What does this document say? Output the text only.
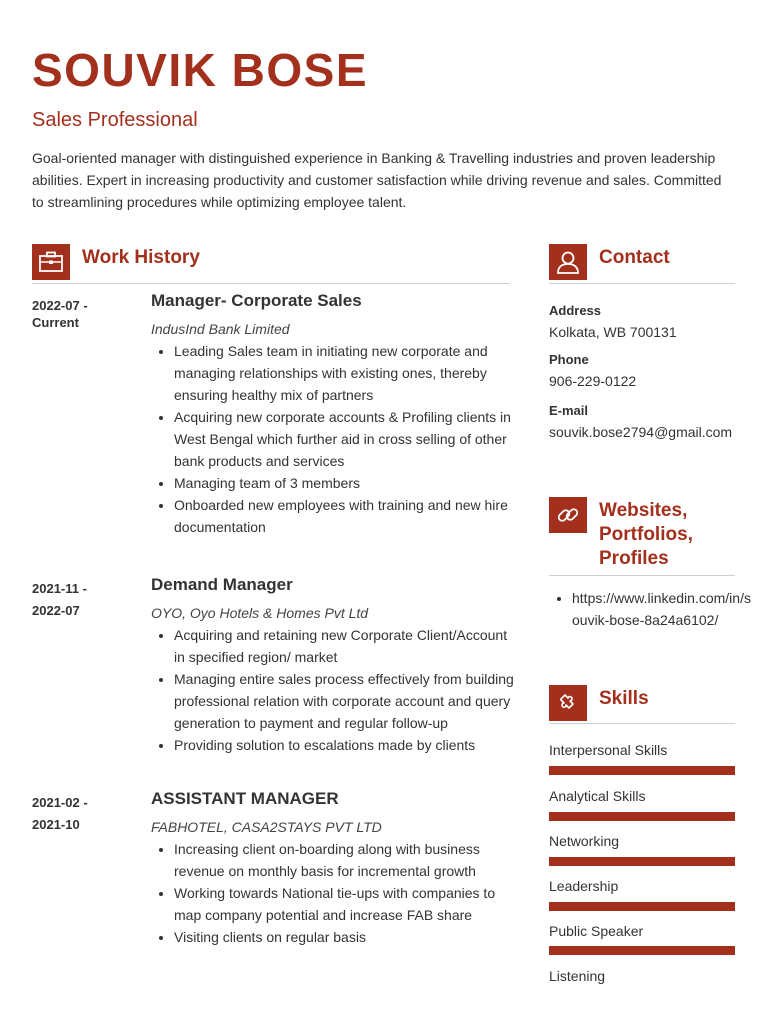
SOUVIK BOSE
Sales Professional
Goal-oriented manager with distinguished experience in Banking & Travelling industries and proven leadership abilities. Expert in increasing productivity and customer satisfaction while driving revenue and sales. Committed to streamlining procedures while optimizing employee talent.
Work History
2022-07 -
Current
Manager- Corporate Sales
IndusInd Bank Limited
• Leading Sales team in initiating new corporate and managing relationships with existing ones, thereby ensuring healthy mix of partners
• Acquiring new corporate accounts & Profiling clients in West Bengal which further aid in cross selling of other bank products and services
• Managing team of 3 members
• Onboarded new employees with training and new hire documentation
2021-11 -
2022-07
Demand Manager
OYO, Oyo Hotels & Homes Pvt Ltd
• Acquiring and retaining new Corporate Client/Account in specified region/ market
• Managing entire sales process effectively from building professional relation with corporate account and query generation to payment and regular follow-up
• Providing solution to escalations made by clients
2021-02 -
2021-10
ASSISTANT MANAGER
FABHOTEL, CASA2STAYS PVT LTD
• Increasing client on-boarding along with business revenue on monthly basis for incremental growth
• Working towards National tie-ups with companies to map company potential and increase FAB share
• Visiting clients on regular basis
Contact
Address
Kolkata, WB 700131
Phone
906-229-0122
E-mail
souvik.bose2794@gmail.com
Websites, Portfolios, Profiles
• https://www.linkedin.com/in/souvik-bose-8a24a6102/
Skills
Interpersonal Skills
Analytical Skills
Networking
Leadership
Public Speaker
Listening
